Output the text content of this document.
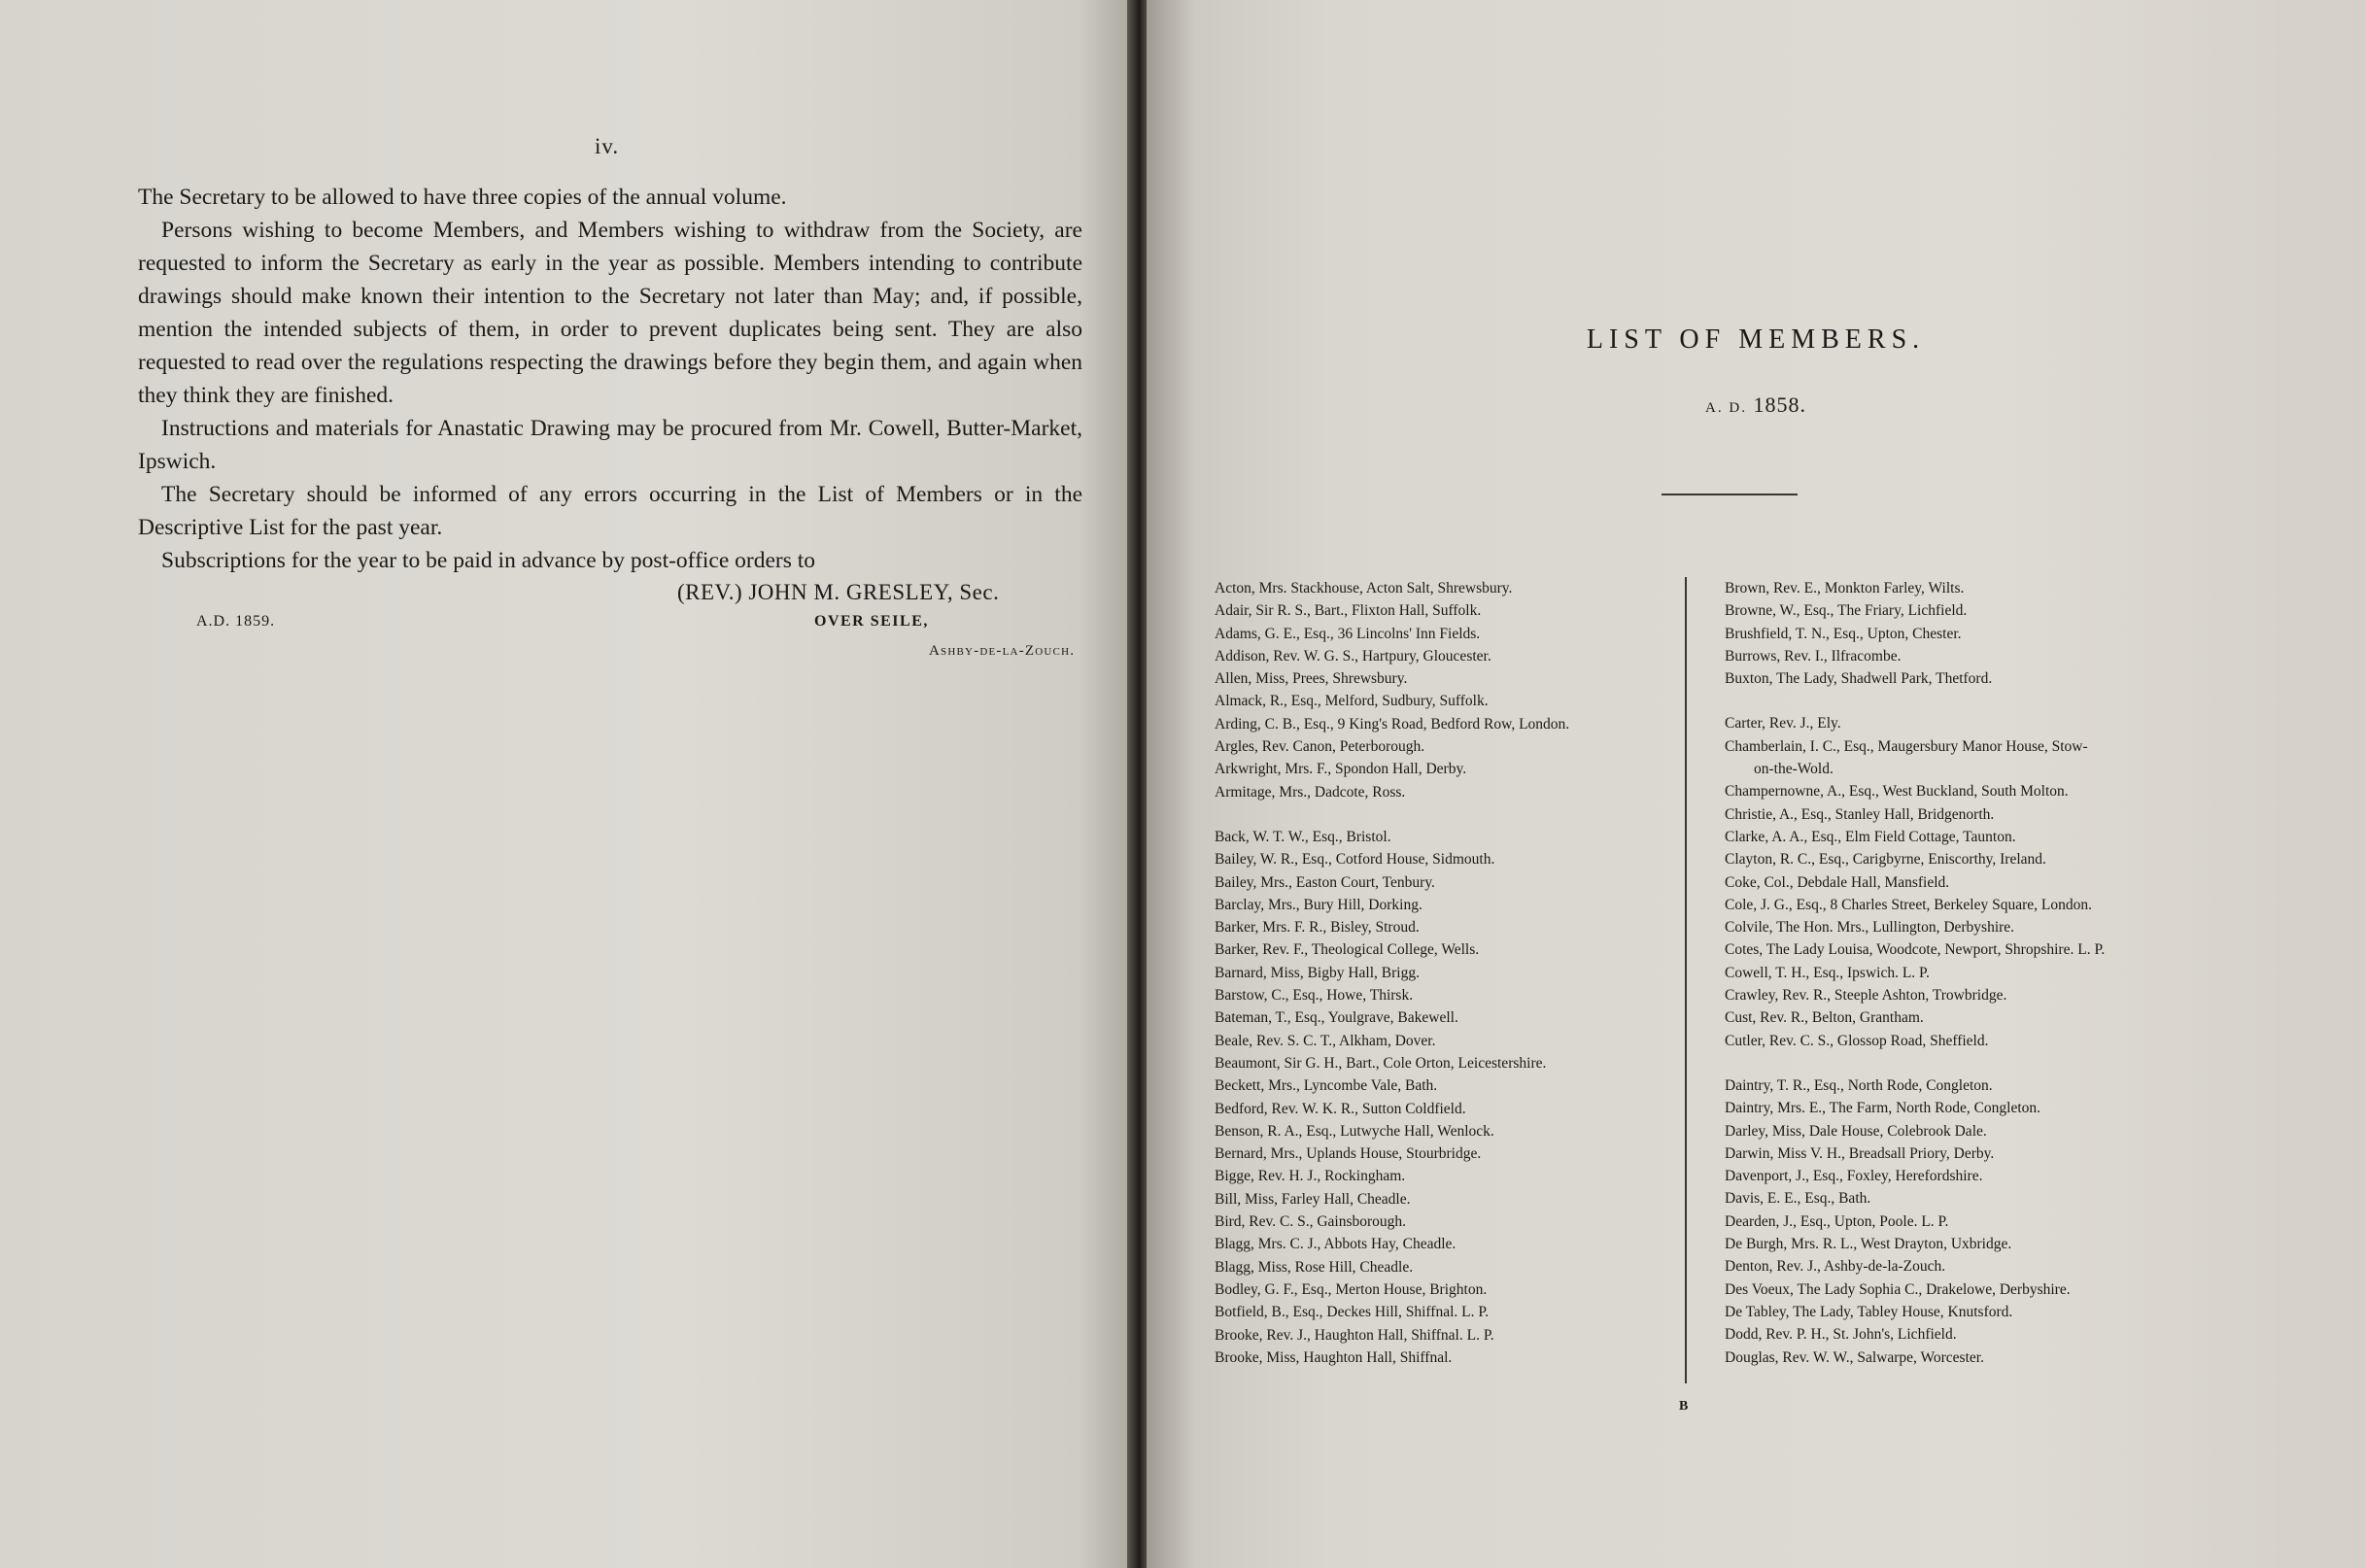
iv.

The Secretary to be allowed to have three copies of the annual volume.

Persons wishing to become Members, and Members wishing to withdraw from the Society, are requested to inform the Secretary as early in the year as possible. Members intending to contribute drawings should make known their intention to the Secretary not later than May; and, if possible, mention the intended subjects of them, in order to prevent duplicates being sent. They are also requested to read over the regulations respecting the drawings before they begin them, and again when they think they are finished.

Instructions and materials for Anastatic Drawing may be procured from Mr. Cowell, Butter-Market, Ipswich.

The Secretary should be informed of any errors occurring in the List of Members or in the Descriptive List for the past year.

Subscriptions for the year to be paid in advance by post-office orders to

(REV.) JOHN M. GRESLEY, Sec.
A.D. 1859.	OVER SEILE,
Ashby-de-la-Zouch.
LIST OF MEMBERS.
A. D. 1858.
Acton, Mrs. Stackhouse, Acton Salt, Shrewsbury.
Adair, Sir R. S., Bart., Flixton Hall, Suffolk.
Adams, G. E., Esq., 36 Lincolns' Inn Fields.
Addison, Rev. W. G. S., Hartpury, Gloucester.
Allen, Miss, Prees, Shrewsbury.
Almack, R., Esq., Melford, Sudbury, Suffolk.
Arding, C. B., Esq., 9 King's Road, Bedford Row, London.
Argles, Rev. Canon, Peterborough.
Arkwright, Mrs. F., Spondon Hall, Derby.
Armitage, Mrs., Dadcote, Ross.
Back, W. T. W., Esq., Bristol.
Bailey, W. R., Esq., Cotford House, Sidmouth.
Bailey, Mrs., Easton Court, Tenbury.
Barclay, Mrs., Bury Hill, Dorking.
Barker, Mrs. F. R., Bisley, Stroud.
Barker, Rev. F., Theological College, Wells.
Barnard, Miss, Bigby Hall, Brigg.
Barstow, C., Esq., Howe, Thirsk.
Bateman, T., Esq., Youlgrave, Bakewell.
Beale, Rev. S. C. T., Alkham, Dover.
Beaumont, Sir G. H., Bart., Cole Orton, Leicestershire.
Beckett, Mrs., Lyncombe Vale, Bath.
Bedford, Rev. W. K. R., Sutton Coldfield.
Benson, R. A., Esq., Lutwyche Hall, Wenlock.
Bernard, Mrs., Uplands House, Stourbridge.
Bigge, Rev. H. J., Rockingham.
Bill, Miss, Farley Hall, Cheadle.
Bird, Rev. C. S., Gainsborough.
Blagg, Mrs. C. J., Abbots Hay, Cheadle.
Blagg, Miss, Rose Hill, Cheadle.
Bodley, G. F., Esq., Merton House, Brighton.
Botfield, B., Esq., Deckes Hill, Shiffnal. L. P.
Brooke, Rev. J., Haughton Hall, Shiffnal. L. P.
Brooke, Miss, Haughton Hall, Shiffnal.
Brown, Rev. E., Monkton Farley, Wilts.
Browne, W., Esq., The Friary, Lichfield.
Brushfield, T. N., Esq., Upton, Chester.
Burrows, Rev. I., Ilfracombe.
Buxton, The Lady, Shadwell Park, Thetford.
Carter, Rev. J., Ely.
Chamberlain, I. C., Esq., Maugersbury Manor House, Stow-
on-the-Wold.
Champernowne, A., Esq., West Buckland, South Molton.
Christie, A., Esq., Stanley Hall, Bridgenorth.
Clarke, A. A., Esq., Elm Field Cottage, Taunton.
Clayton, R. C., Esq., Carigbyrne, Eniscorthy, Ireland.
Coke, Col., Debdale Hall, Mansfield.
Cole, J. G., Esq., 8 Charles Street, Berkeley Square, London.
Colvile, The Hon. Mrs., Lullington, Derbyshire.
Cotes, The Lady Louisa, Woodcote, Newport, Shropshire. L. P.
Cowell, T. H., Esq., Ipswich. L. P.
Crawley, Rev. R., Steeple Ashton, Trowbridge.
Cust, Rev. R., Belton, Grantham.
Cutler, Rev. C. S., Glossop Road, Sheffield.
Daintry, T. R., Esq., North Rode, Congleton.
Daintry, Mrs. E., The Farm, North Rode, Congleton.
Darley, Miss, Dale House, Colebrook Dale.
Darwin, Miss V. H., Breadsall Priory, Derby.
Davenport, J., Esq., Foxley, Herefordshire.
Davis, E. E., Esq., Bath.
Dearden, J., Esq., Upton, Poole. L. P.
De Burgh, Mrs. R. L., West Drayton, Uxbridge.
Denton, Rev. J., Ashby-de-la-Zouch.
Des Voeux, The Lady Sophia C., Drakelowe, Derbyshire.
De Tabley, The Lady, Tabley House, Knutsford.
Dodd, Rev. P. H., St. John's, Lichfield.
Douglas, Rev. W. W., Salwarpe, Worcester.
B
